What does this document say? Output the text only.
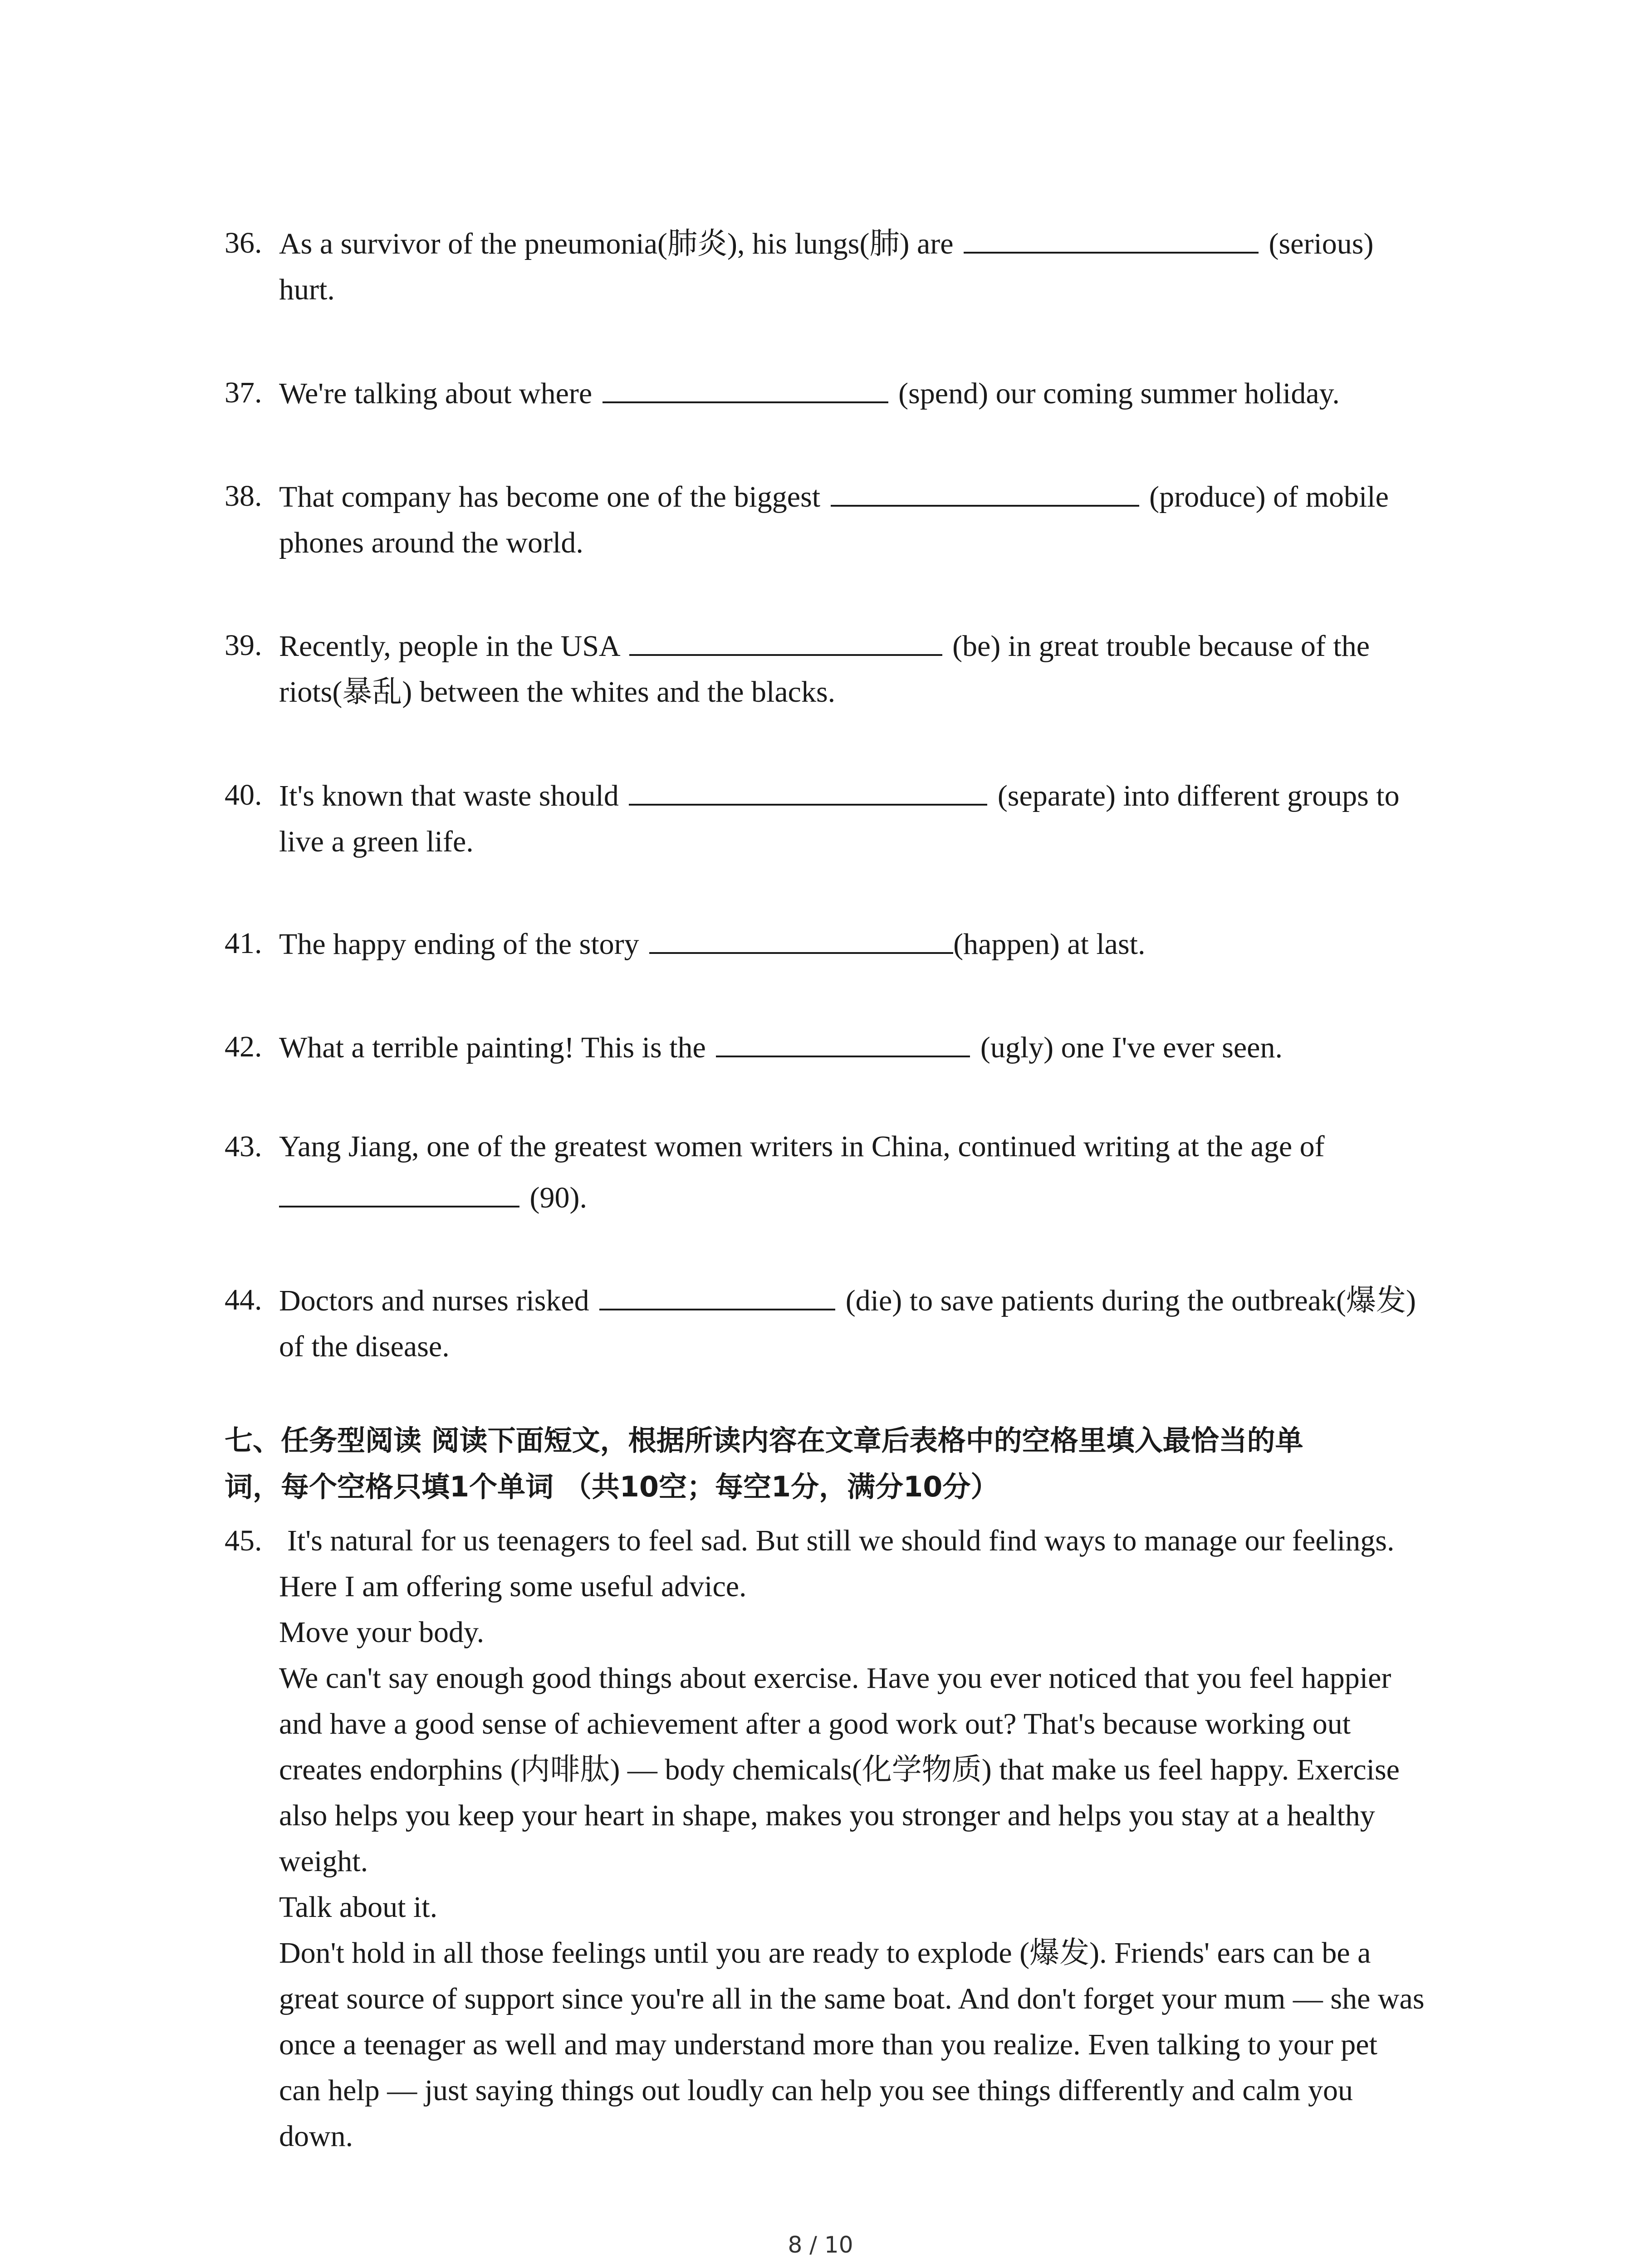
36. As a survivor of the pneumonia(肺炎), his lungs(肺) are	(serious)
hurt.
37. We're talking about where	(spend) our coming summer holiday.
38. That company has become one of the biggest	(produce) of mobile
phones around the world.
39. Recently, people in the USA	(be) in great trouble because of the
riots(暴乱) between the whites and the blacks.
40. It's known that waste should	(separate) into different groups to
live a green life.
41. The happy ending of the story	(happen) at last.
42. What a terrible painting! This is the	(ugly) one I've ever seen.
43. Yang Jiang, one of the greatest women writers in China, continued writing at the age of
(90).
44. Doctors and nurses risked	(die) to save patients during the outbreak(爆发)
of the disease.
七、任务型阅读 阅读下面短文，根据所读内容在文章后表格中的空格里填入最恰当的单
词，每个空格只填1个单词 （共10空；每空1分，满分10分）
45. It's natural for us teenagers to feel sad. But still we should find ways to manage our feelings.
Here I am offering some useful advice.
Move your body.
We can't say enough good things about exercise. Have you ever noticed that you feel happier
and have a good sense of achievement after a good work out? That's because working out
creates endorphins (内啡肽) — body chemicals(化学物质) that make us feel happy. Exercise
also helps you keep your heart in shape, makes you stronger and helps you stay at a healthy
weight.
Talk about it.
Don't hold in all those feelings until you are ready to explode (爆发). Friends' ears can be a
great source of support since you're all in the same boat. And don't forget your mum — she was
once a teenager as well and may understand more than you realize. Even talking to your pet
can help — just saying things out loudly can help you see things differently and calm you
down.
8 / 10
